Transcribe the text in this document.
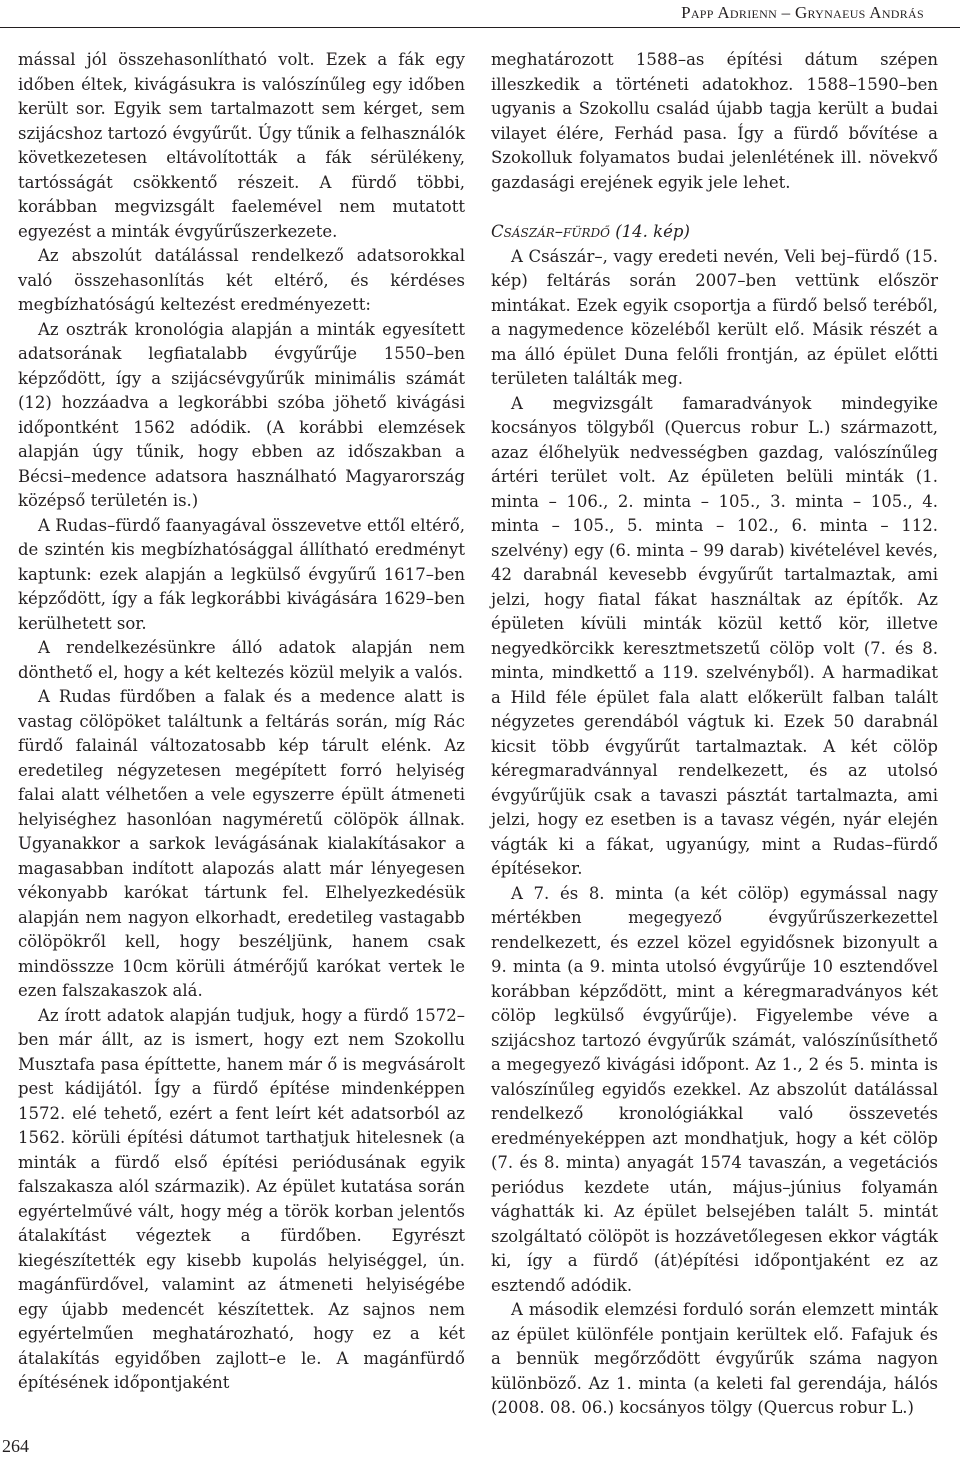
Papp Adrienn – Grynaeus András

mással jól összehasonlítható volt. Ezek a fák egy időben éltek, kivágásukra is valószínűleg egy időben került sor. Egyik sem tartalmazott sem kérget, sem szijácshoz tartozó évgyűrűt. Úgy tűnik a felhasználók következetesen eltávolították a fák sérülékeny, tartósságát csökkentő részeit. A fürdő többi, korábban megvizsgált faelemével nem mutatott egyezést a minták évgyűrűszerkezete.

Az abszolút datálással rendelkező adatsorokkal való összehasonlítás két eltérő, és kérdéses megbízhatóságú keltezést eredményezett:

Az osztrák kronológia alapján a minták egyesített adatsorának legfiatalabb évgyűrűje 1550–ben képződött, így a szijácsévgyűrűk minimális számát (12) hozzáadva a legkorábbi szóba jöhető kivágási időpontként 1562 adódik. (A korábbi elemzések alapján úgy tűnik, hogy ebben az időszakban a Bécsi–medence adatsora használható Magyarország középső területén is.)

A Rudas–fürdő faanyagával összevetve ettől eltérő, de szintén kis megbízhatósággal állítható eredményt kaptunk: ezek alapján a legkülső évgyűrű 1617–ben képződött, így a fák legkorábbi kivágására 1629–ben kerülhetett sor.

A rendelkezésünkre álló adatok alapján nem dönthető el, hogy a két keltezés közül melyik a valós.

A Rudas fürdőben a falak és a medence alatt is vastag cölöpöket találtunk a feltárás során, míg Rác fürdő falainál változatosabb kép tárult elénk. Az eredetileg négyzetesen megépített forró helyiség falai alatt vélhetően a vele egyszerre épült átmeneti helyiséghez hasonlóan nagyméretű cölöpök állnak. Ugyanakkor a sarkok levágásának kialakításakor a magasabban indított alapozás alatt már lényegesen vékonyabb karókat tártunk fel. Elhelyezkedésük alapján nem nagyon elkorhadt, eredetileg vastagabb cölöpökről kell, hogy beszéljünk, hanem csak mindösszze 10cm körüli átmérőjű karókat vertek le ezen falszakaszok alá.

Az írott adatok alapján tudjuk, hogy a fürdő 1572–ben már állt, az is ismert, hogy ezt nem Szokollu Musztafa pasa építtette, hanem már ő is megvásárolt pest kádijától. Így a fürdő építése mindenképpen 1572. elé tehető, ezért a fent leírt két adatsorból az 1562. körüli építési dátumot tarthatjuk hitelesnek (a minták a fürdő első építési periódusának egyik falszakasza alól származik). Az épület kutatása során egyértelművé vált, hogy még a török korban jelentős átalakítást végeztek a fürdőben. Egyrészt kiegészítették egy kisebb kupolás helyiséggel, ún. magánfürdővel, valamint az átmeneti helyiségébe egy újabb medencét készítettek. Az sajnos nem egyértelműen meghatározható, hogy ez a két átalakítás egyidőben zajlott–e le. A magánfürdő építésének időpontjaként

meghatározott 1588–as építési dátum szépen illeszkedik a történeti adatokhoz. 1588–1590–ben ugyanis a Szokollu család újabb tagja került a budai vilayet élére, Ferhád pasa. Így a fürdő bővítése a Szokolluk folyamatos budai jelenlétének ill. növekvő gazdasági erejének egyik jele lehet.

Császár–fürdő (14. kép)

A Császár–, vagy eredeti nevén, Veli bej–fürdő (15. kép) feltárás során 2007–ben vettünk először mintákat. Ezek egyik csoportja a fürdő belső teréből, a nagymedence közeléből került elő. Másik részét a ma álló épület Duna felőli frontján, az épület előtti területen találták meg.

A megvizsgált famaradványok mindegyike kocsányos tölgyből (Quercus robur L.) származott, azaz élőhelyük nedvességben gazdag, valószínűleg ártéri terület volt. Az épületen belüli minták (1. minta – 106., 2. minta – 105., 3. minta – 105., 4. minta – 105., 5. minta – 102., 6. minta – 112. szelvény) egy (6. minta – 99 darab) kivételével kevés, 42 darabnál kevesebb évgyűrűt tartalmaztak, ami jelzi, hogy fiatal fákat használtak az építők. Az épületen kívüli minták közül kettő kör, illetve negyedkörcikk keresztmetszetű cölöp volt (7. és 8. minta, mindkettő a 119. szelvényből). A harmadikat a Hild féle épület fala alatt előkerült falban talált négyzetes gerendából vágtuk ki. Ezek 50 darabnál kicsit több évgyűrűt tartalmaztak. A két cölöp kéregmaradvánnyal rendelkezett, és az utolsó évgyűrűjük csak a tavaszi pásztát tartalmazta, ami jelzi, hogy ez esetben is a tavasz végén, nyár elején vágták ki a fákat, ugyanúgy, mint a Rudas–fürdő építésekor.

A 7. és 8. minta (a két cölöp) egymással nagy mértékben megegyező évgyűrűszerkezettel rendelkezett, és ezzel közel egyidősnek bizonyult a 9. minta (a 9. minta utolsó évgyűrűje 10 esztendővel korábban képződött, mint a kéregmaradványos két cölöp legkülső évgyűrűje). Figyelembe véve a szijácshoz tartozó évgyűrűk számát, valószínűsíthető a megegyező kivágási időpont. Az 1., 2 és 5. minta is valószínűleg egyidős ezekkel. Az abszolút datálással rendelkező kronológiákkal való összevetés eredményeképpen azt mondhatjuk, hogy a két cölöp (7. és 8. minta) anyagát 1574 tavaszán, a vegetációs periódus kezdete után, május–június folyamán vághatták ki. Az épület belsejében talált 5. mintát szolgáltató cölöpöt is hozzávetőlegesen ekkor vágták ki, így a fürdő (át)építési időpontjaként ez az esztendő adódik.

A második elemzési forduló során elemzett minták az épület különféle pontjain kerültek elő. Fafajuk és a bennük megőrződött évgyűrűk száma nagyon különböző. Az 1. minta (a keleti fal gerendája, hálós (2008. 08. 06.) kocsányos tölgy (Quercus robur L.)

264
